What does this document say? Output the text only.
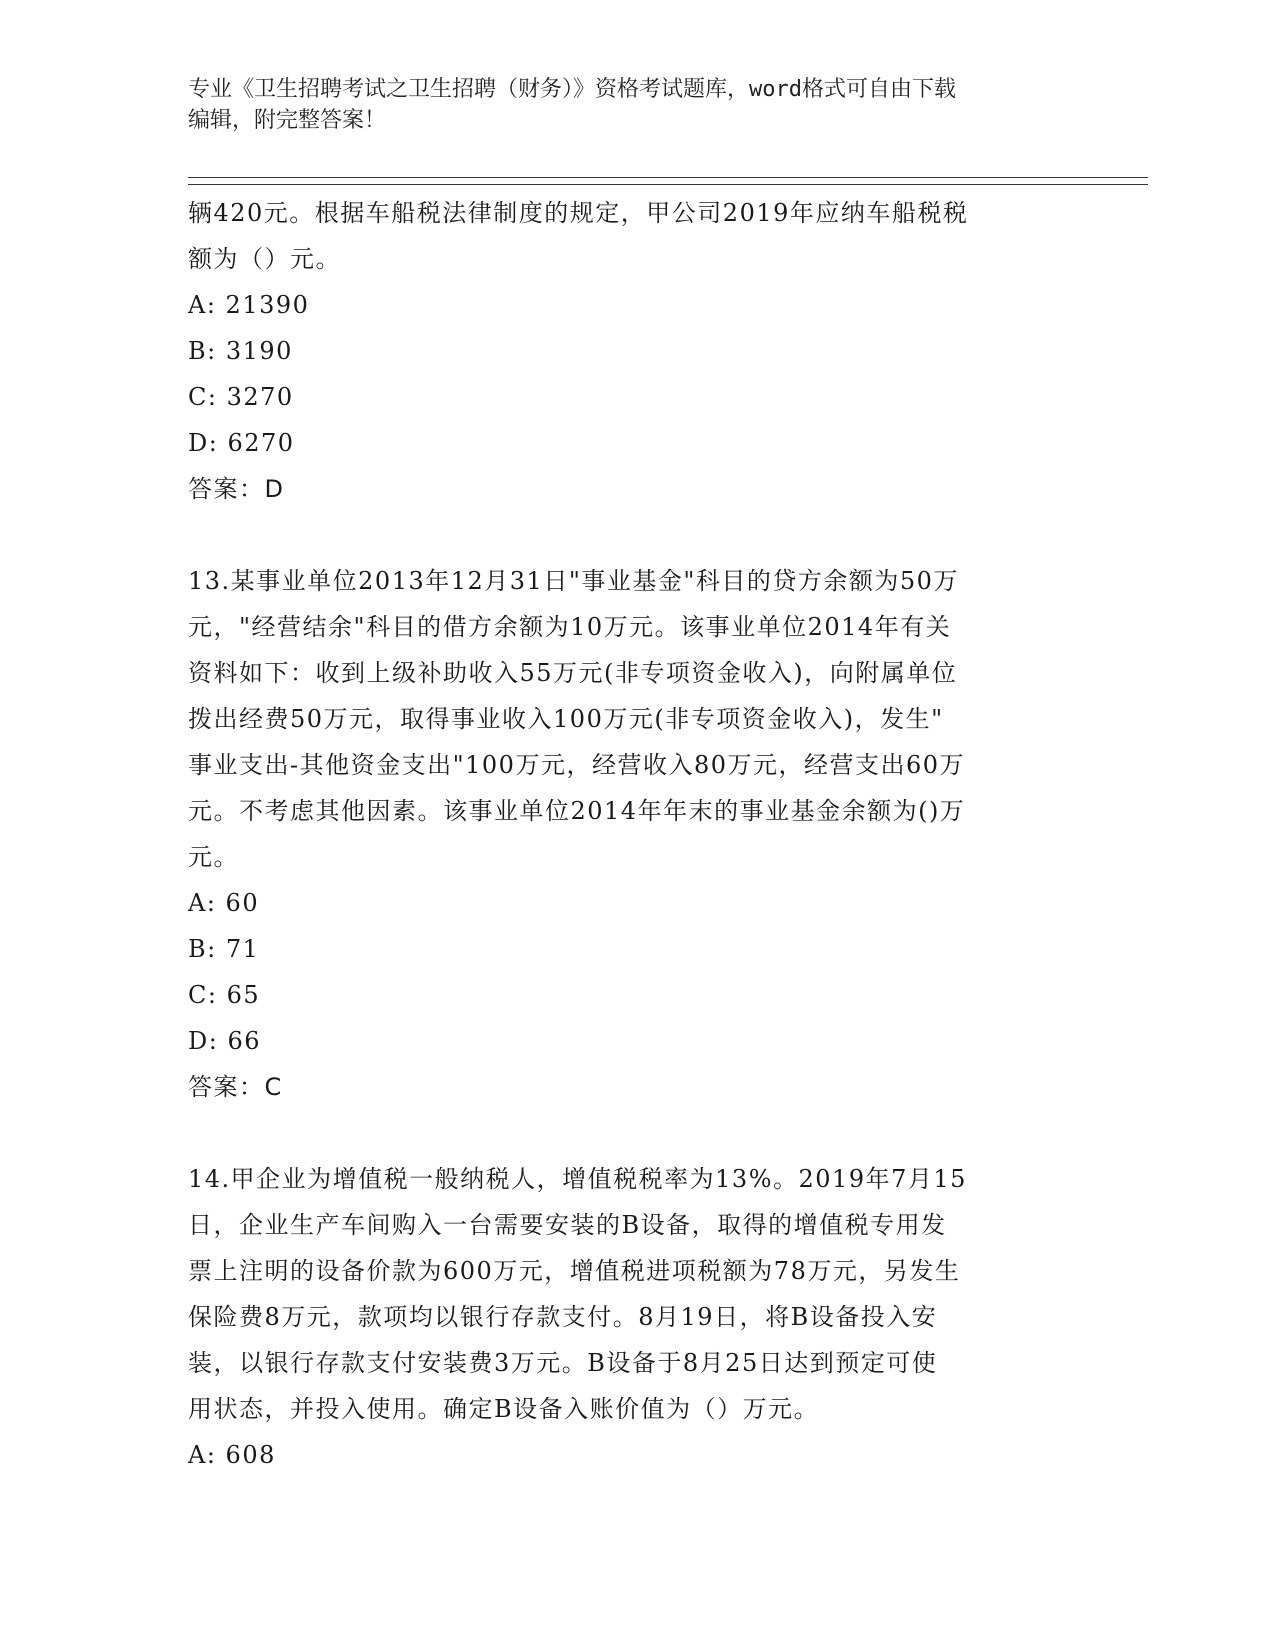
专业《卫生招聘考试之卫生招聘（财务）》资格考试题库，word格式可自由下载
编辑，附完整答案！
辆420元。根据车船税法律制度的规定，甲公司2019年应纳车船税税
额为（）元。
A: 21390
B: 3190
C: 3270
D: 6270
答案：D
13.某事业单位2013年12月31日"事业基金"科目的贷方余额为50万
元，"经营结余"科目的借方余额为10万元。该事业单位2014年有关
资料如下：收到上级补助收入55万元(非专项资金收入)，向附属单位
拨出经费50万元，取得事业收入100万元(非专项资金收入)，发生"
事业支出-其他资金支出"100万元，经营收入80万元，经营支出60万
元。不考虑其他因素。该事业单位2014年年末的事业基金余额为()万
元。
A: 60
B: 71
C: 65
D: 66
答案：C
14.甲企业为增值税一般纳税人，增值税税率为13%。2019年7月15
日，企业生产车间购入一台需要安装的B设备，取得的增值税专用发
票上注明的设备价款为600万元，增值税进项税额为78万元，另发生
保险费8万元，款项均以银行存款支付。8月19日，将B设备投入安
装，以银行存款支付安装费3万元。B设备于8月25日达到预定可使
用状态，并投入使用。确定B设备入账价值为（）万元。
A: 608
